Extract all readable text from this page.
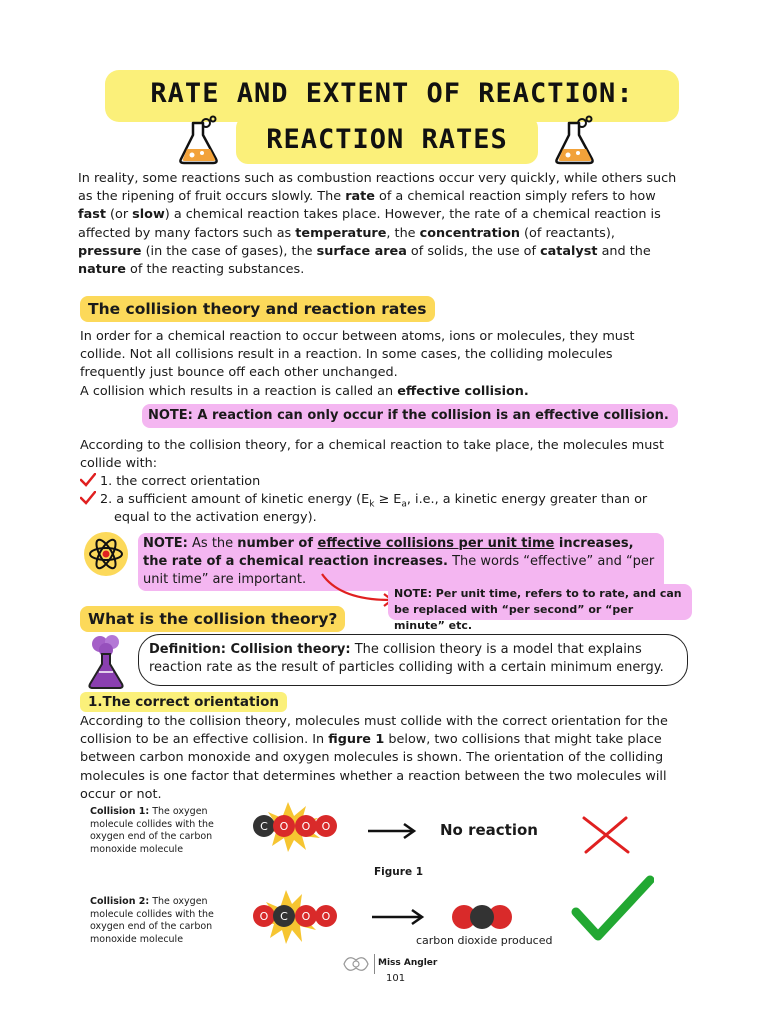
RATE AND EXTENT OF REACTION:
REACTION RATES

In reality, some reactions such as combustion reactions occur very quickly, while others such as the ripening of fruit occurs slowly. The rate of a chemical reaction simply refers to how fast (or slow) a chemical reaction takes place. However, the rate of a chemical reaction is affected by many factors such as temperature, the concentration (of reactants), pressure (in the case of gases), the surface area of solids, the use of catalyst and the nature of the reacting substances.

The collision theory and reaction rates

In order for a chemical reaction to occur between atoms, ions or molecules, they must collide. Not all collisions result in a reaction. In some cases, the colliding molecules frequently just bounce off each other unchanged.
A collision which results in a reaction is called an effective collision.

NOTE: A reaction can only occur if the collision is an effective collision.

According to the collision theory, for a chemical reaction to take place, the molecules must collide with:

1. the correct orientation
2. a sufficient amount of kinetic energy ($E_k \ge E_a$, i.e., a kinetic energy greater than or
equal to the activation energy).
NOTE: As the number of effective collisions per unit time increases, the rate of a chemical reaction increases. The words “effective” and “per unit time” are important.
NOTE: Per unit time, refers to to rate, and can be replaced with “per second” or “per minute” etc.
What is the collision theory?
Definition: Collision theory: The collision theory is a model that explains reaction rate as the result of particles colliding with a certain minimum energy.
1.The correct orientation

According to the collision theory, molecules must collide with the correct orientation for the collision to be an effective collision. In figure 1 below, two collisions that might take place between carbon monoxide and oxygen molecules is shown. The orientation of the colliding molecules is one factor that determines whether a reaction between the two molecules will occur or not.

Collision 1: The oxygen molecule collides with the oxygen end of the carbon monoxide molecule
C O O O	No reaction
Figure 1
Collision 2: The oxygen molecule collides with the oxygen end of the carbon monoxide molecule
O C O O
carbon dioxide produced
Miss Angler
101
